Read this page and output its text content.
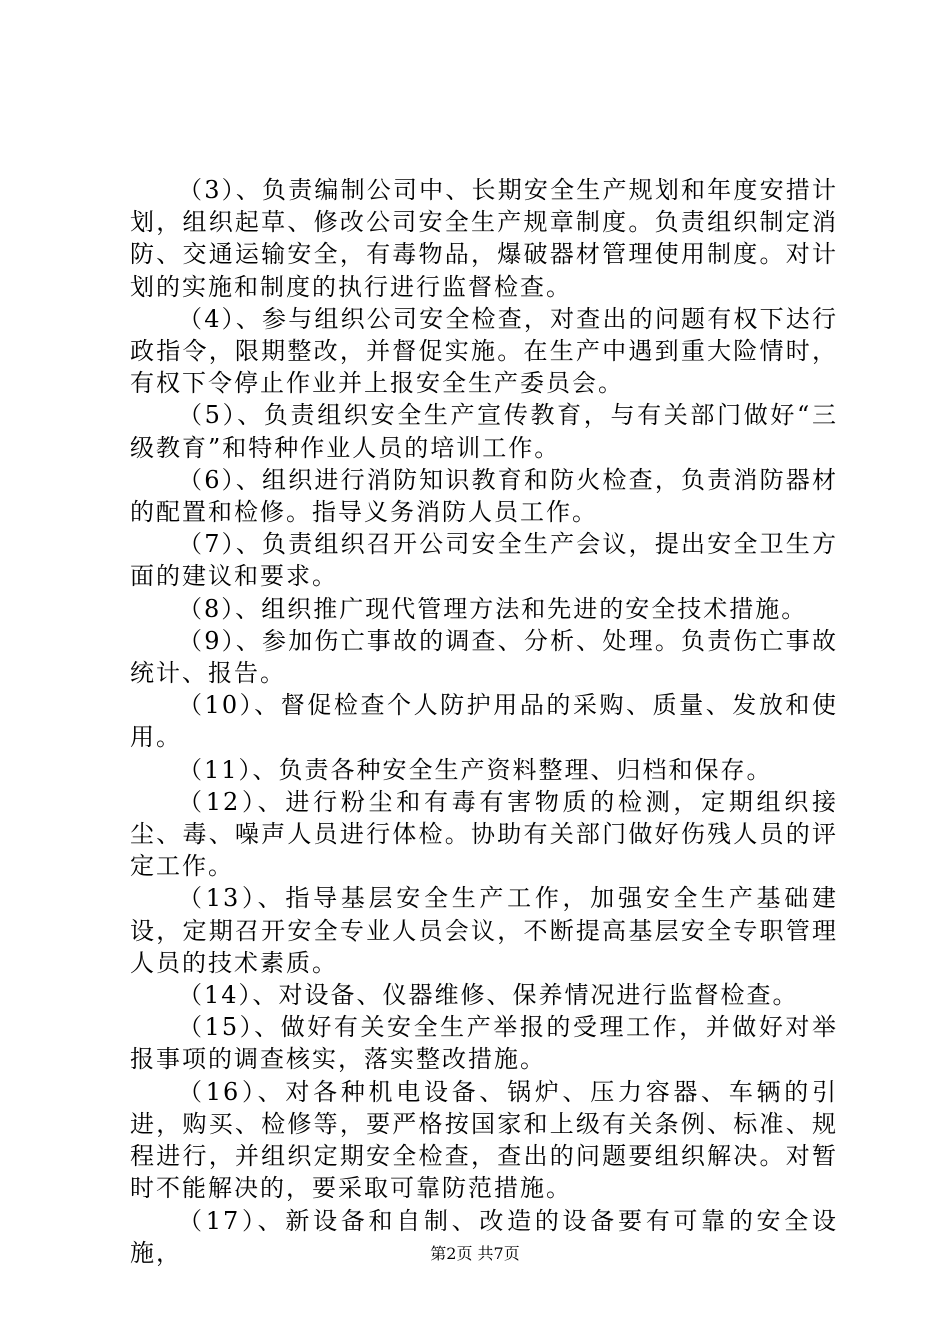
（3）、负责编制公司中、长期安全生产规划和年度安措计划，组织起草、修改公司安全生产规章制度。负责组织制定消防、交通运输安全，有毒物品，爆破器材管理使用制度。对计划的实施和制度的执行进行监督检查。

（4）、参与组织公司安全检查，对查出的问题有权下达行政指令，限期整改，并督促实施。在生产中遇到重大险情时，有权下令停止作业并上报安全生产委员会。

（5）、负责组织安全生产宣传教育，与有关部门做好“三级教育”和特种作业人员的培训工作。

（6）、组织进行消防知识教育和防火检查，负责消防器材的配置和检修。指导义务消防人员工作。

（7）、负责组织召开公司安全生产会议，提出安全卫生方面的建议和要求。

（8）、组织推广现代管理方法和先进的安全技术措施。

（9）、参加伤亡事故的调查、分析、处理。负责伤亡事故统计、报告。

（10）、督促检查个人防护用品的采购、质量、发放和使用。

（11）、负责各种安全生产资料整理、归档和保存。

（12）、进行粉尘和有毒有害物质的检测，定期组织接尘、毒、噪声人员进行体检。协助有关部门做好伤残人员的评定工作。

（13）、指导基层安全生产工作，加强安全生产基础建设，定期召开安全专业人员会议，不断提高基层安全专职管理人员的技术素质。

（14）、对设备、仪器维修、保养情况进行监督检查。

（15）、做好有关安全生产举报的受理工作，并做好对举报事项的调查核实，落实整改措施。

（16）、对各种机电设备、锅炉、压力容器、车辆的引进，购买、检修等，要严格按国家和上级有关条例、标准、规程进行，并组织定期安全检查，查出的问题要组织解决。对暂时不能解决的，要采取可靠防范措施。

（17）、新设备和自制、改造的设备要有可靠的安全设施，	第2页 共7页
